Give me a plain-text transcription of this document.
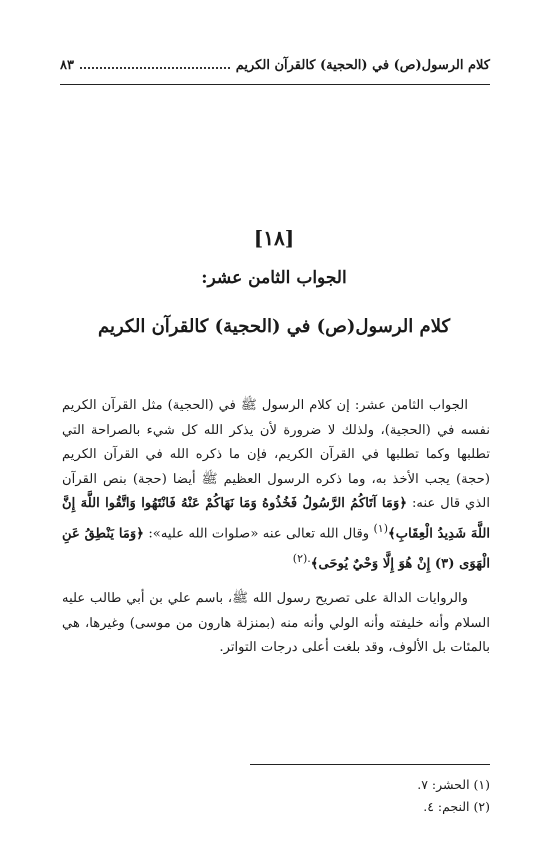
كلام الرسول(ص) في (الحجية) كالقرآن الكريم
٨٣
[١٨]
الجواب الثامن عشر:
كلام الرسول(ص) في (الحجية) كالقرآن الكريم

الجواب الثامن عشر: إن كلام الرسول ﷺ في (الحجية) مثل القرآن الكريم نفسه في (الحجية)، ولذلك لا ضرورة لأن يذكر الله كل شيء بالصراحة التي تطلبها وكما تطلبها في القرآن الكريم، فإن ما ذكره الله في القرآن الكريم (حجة) يجب الأخذ به، وما ذكره الرسول العظيم ﷺ أيضا (حجة) بنص القرآن الذي قال عنه: ﴿وَمَا آتَاكُمُ الرَّسُولُ فَخُذُوهُ وَمَا نَهَاكُمْ عَنْهُ فَانْتَهُوا وَاتَّقُوا اللَّهَ إِنَّ اللَّهَ شَدِيدُ الْعِقَابِ﴾$^{(١)}$ وقال الله تعالى عنه «صلوات الله عليه»: ﴿وَمَا يَنْطِقُ عَنِ الْهَوَى (٣) إِنْ هُوَ إِلَّا وَحْيٌ يُوحَى﴾$^{.(٢)}$

والروايات الدالة على تصريح رسول الله ﷺ، باسم علي بن أبي طالب عليه السلام وأنه خليفته وأنه الولي وأنه منه (بمنزلة هارون من موسى) وغيرها، هي بالمئات بل الألوف، وقد بلغت أعلى درجات التواتر.

(١) الحشر: ٧.
(٢) النجم: ٤.
